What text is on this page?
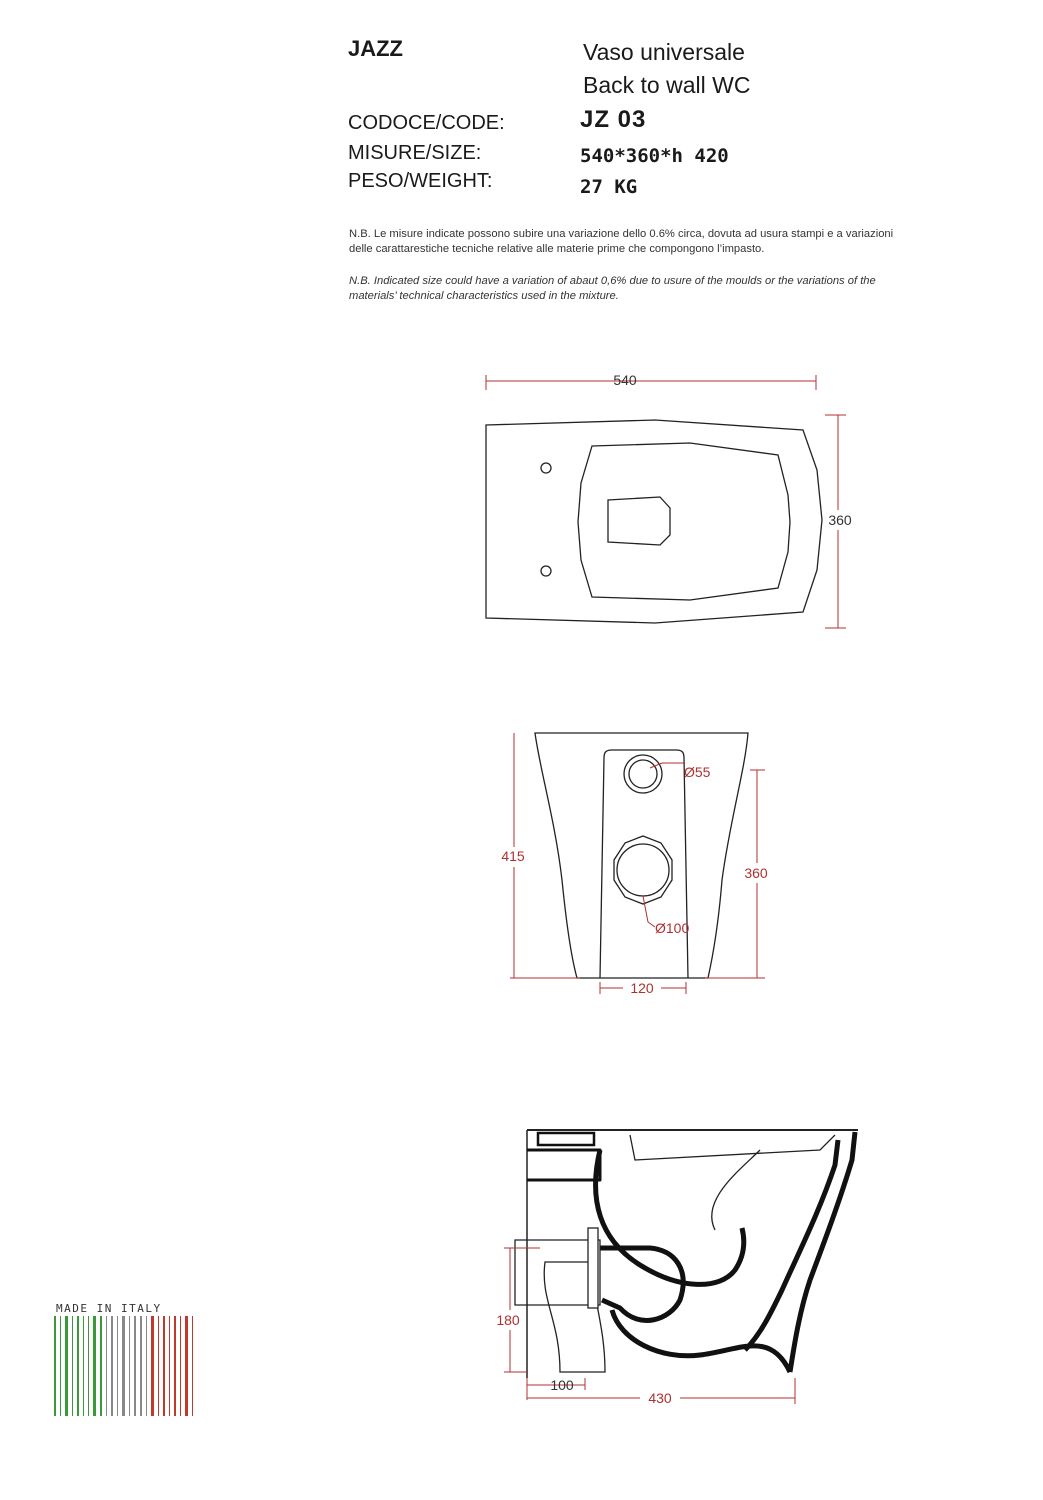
JAZZ	Vaso universale
Back to wall WC
CODOCE/CODE:	JZ 03
MISURE/SIZE:	540*360*h 420
PESO/WEIGHT:	27 KG
N.B. Le misure indicate possono subire una variazione dello 0.6% circa, dovuta ad usura stampi e a variazioni
delle carattarestiche tecniche relative alle materie prime che compongono l’impasto.
N.B. Indicated size could have a variation of abaut 0,6% due to usure of the moulds or the variations of the
materials’ technical characteristics used in the mixture.
540
360
Ø55
Ø100
415
360
120
180
100
430
MADE IN ITALY
